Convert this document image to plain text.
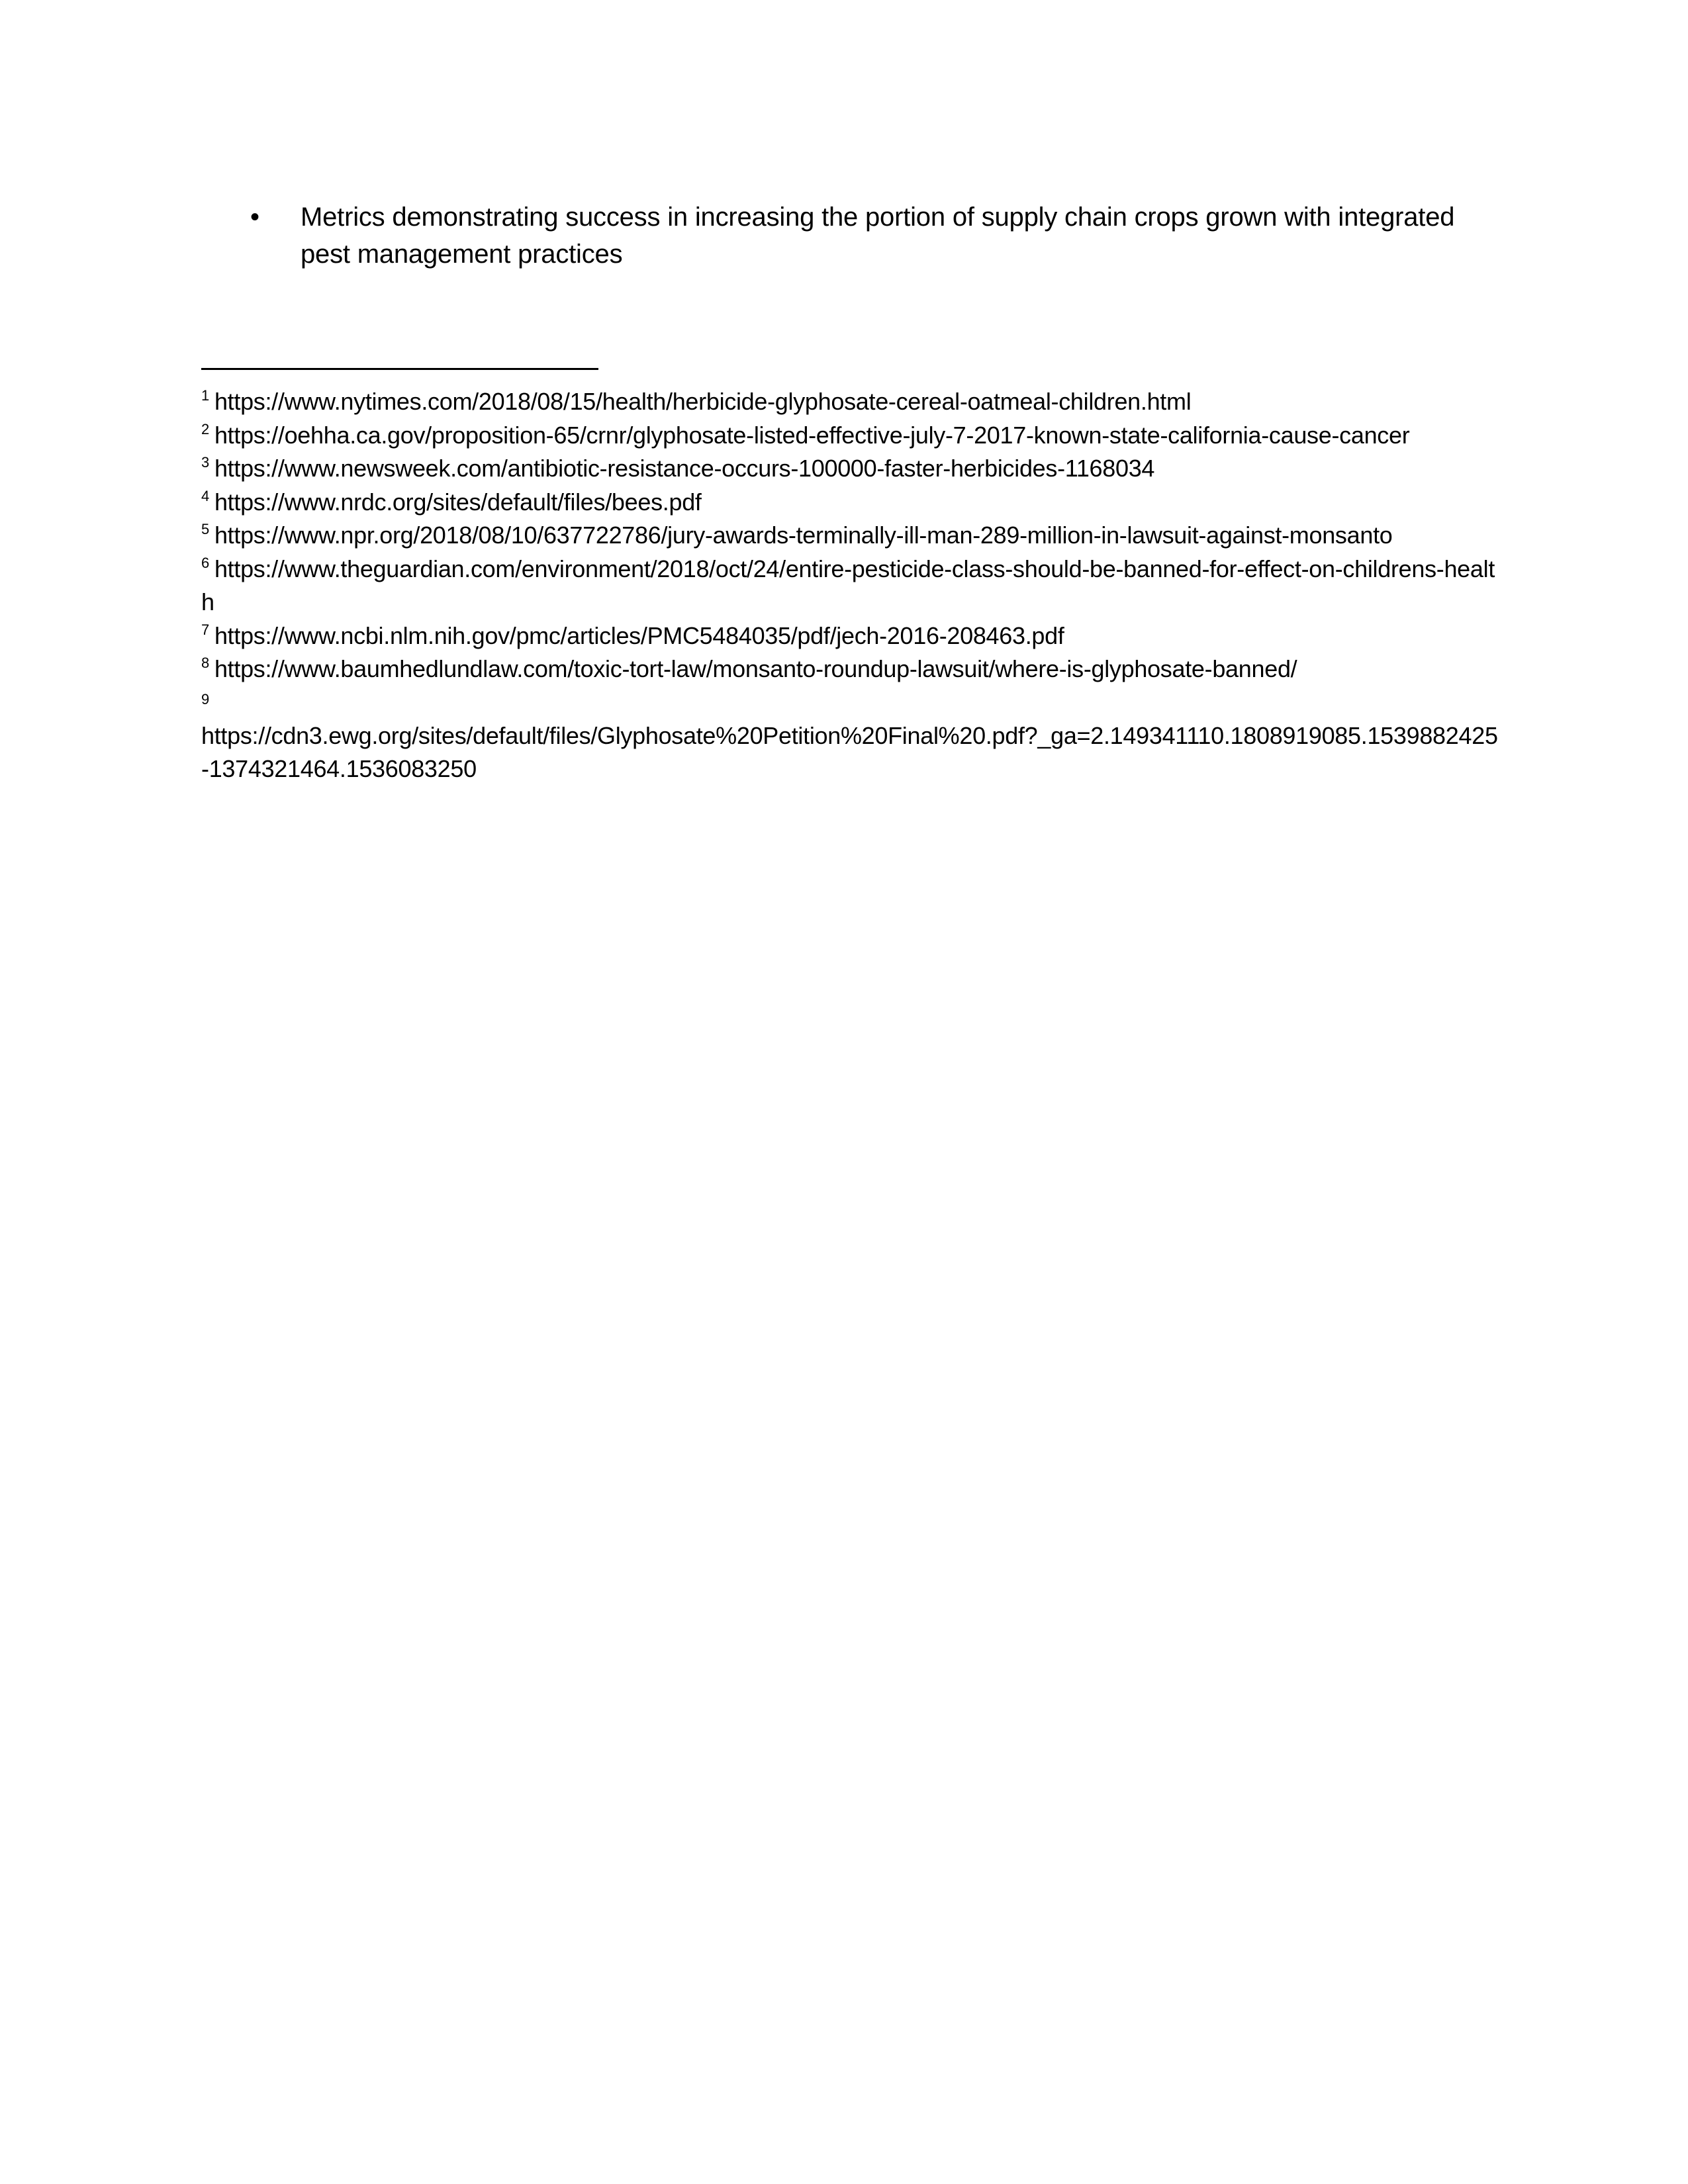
•	Metrics demonstrating success in increasing the portion of supply chain crops grown with integrated pest management practices
$^1$ https://www.nytimes.com/2018/08/15/health/herbicide-glyphosate-cereal-oatmeal-children.html
$^2$ https://oehha.ca.gov/proposition-65/crnr/glyphosate-listed-effective-july-7-2017-known-state-california-cause-cancer
$^3$ https://www.newsweek.com/antibiotic-resistance-occurs-100000-faster-herbicides-1168034
$^4$ https://www.nrdc.org/sites/default/files/bees.pdf
$^5$ https://www.npr.org/2018/08/10/637722786/jury-awards-terminally-ill-man-289-million-in-lawsuit-against-monsanto
$^6$ https://www.theguardian.com/environment/2018/oct/24/entire-pesticide-class-should-be-banned-for-effect-on-childrens-health
$^7$ https://www.ncbi.nlm.nih.gov/pmc/articles/PMC5484035/pdf/jech-2016-208463.pdf
$^8$ https://www.baumhedlundlaw.com/toxic-tort-law/monsanto-roundup-lawsuit/where-is-glyphosate-banned/
9
https://cdn3.ewg.org/sites/default/files/Glyphosate%20Petition%20Final%20.pdf?_ga=2.149341110.1808919085.1539882425-1374321464.1536083250
